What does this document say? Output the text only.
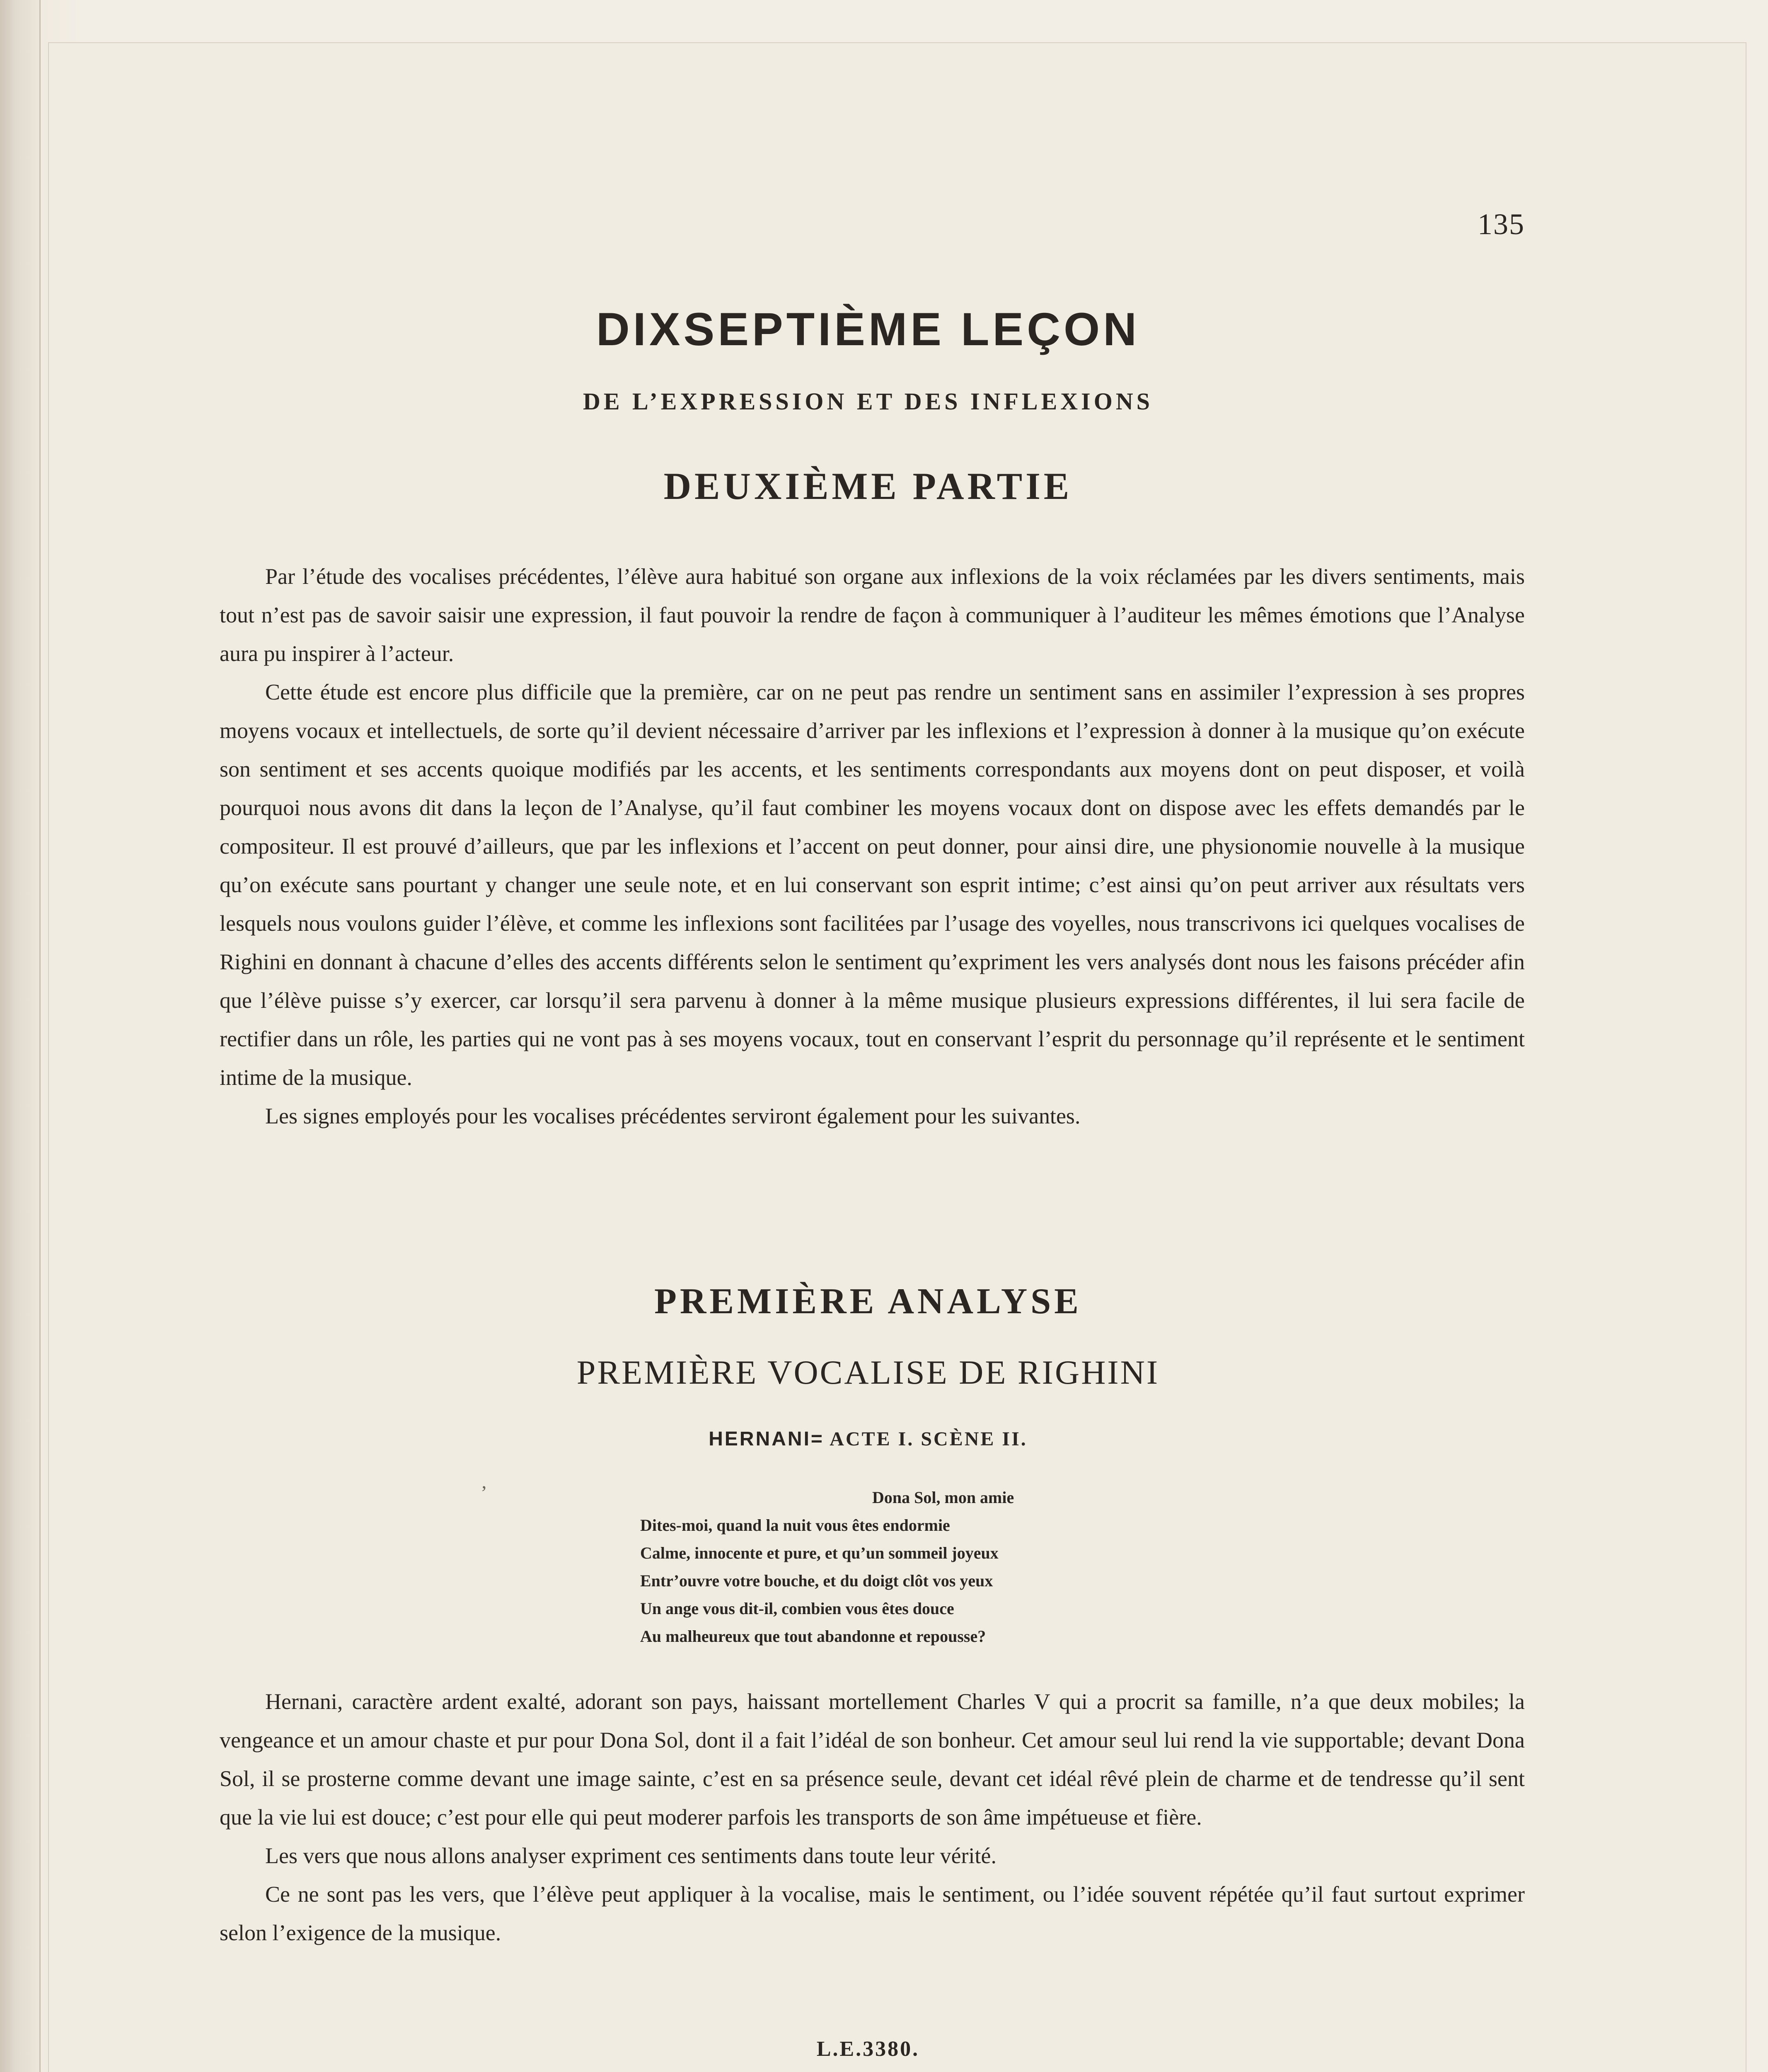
135
DIXSEPTIÈME LEÇON
DE L’EXPRESSION ET DES INFLEXIONS
DEUXIÈME PARTIE

Par l’étude des vocalises précédentes, l’élève aura habitué son organe aux inflexions de la voix réclamées par les divers sentiments, mais tout n’est pas de savoir saisir une expression, il faut pouvoir la rendre de façon à communiquer à l’auditeur les mêmes émotions que l’Analyse aura pu inspirer à l’acteur.

Cette étude est encore plus difficile que la première, car on ne peut pas rendre un sentiment sans en assimiler l’expression à ses propres moyens vocaux et intellectuels, de sorte qu’il devient nécessaire d’arriver par les inflexions et l’expression à donner à la musique qu’on exécute son sentiment et ses accents quoique modifiés par les accents, et les sentiments correspondants aux moyens dont on peut disposer, et voilà pourquoi nous avons dit dans la leçon de l’Analyse, qu’il faut combiner les moyens vocaux dont on dispose avec les effets demandés par le compositeur. Il est prouvé d’ailleurs, que par les inflexions et l’accent on peut donner, pour ainsi dire, une physionomie nouvelle à la musique qu’on exécute sans pourtant y changer une seule note, et en lui conservant son esprit intime; c’est ainsi qu’on peut arriver aux résultats vers lesquels nous voulons guider l’élève, et comme les inflexions sont facilitées par l’usage des voyelles, nous transcrivons ici quelques vocalises de Righini en donnant à chacune d’elles des accents différents selon le sentiment qu’expriment les vers analysés dont nous les faisons précéder afin que l’élève puisse s’y exercer, car lorsqu’il sera parvenu à donner à la même musique plusieurs expressions différentes, il lui sera facile de rectifier dans un rôle, les parties qui ne vont pas à ses moyens vocaux, tout en conservant l’esprit du personnage qu’il représente et le sentiment intime de la musique.

Les signes employés pour les vocalises précédentes serviront également pour les suivantes.

PREMIÈRE ANALYSE
PREMIÈRE VOCALISE DE RIGHINI
HERNANI= ACTE I. SCÈNE II.
Dona Sol, mon amie
Dites-moi, quand la nuit vous êtes endormie
Calme, innocente et pure, et qu’un sommeil joyeux
Entr’ouvre votre bouche, et du doigt clôt vos yeux
Un ange vous dit-il, combien vous êtes douce
Au malheureux que tout abandonne et repousse?

Hernani, caractère ardent exalté, adorant son pays, haissant mortellement Charles V qui a procrit sa famille, n’a que deux mobiles; la vengeance et un amour chaste et pur pour Dona Sol, dont il a fait l’idéal de son bonheur. Cet amour seul lui rend la vie supportable; devant Dona Sol, il se prosterne comme devant une image sainte, c’est en sa présence seule, devant cet idéal rêvé plein de charme et de tendresse qu’il sent que la vie lui est douce; c’est pour elle qui peut moderer parfois les transports de son âme impétueuse et fière.

Les vers que nous allons analyser expriment ces sentiments dans toute leur vérité.

Ce ne sont pas les vers, que l’élève peut appliquer à la vocalise, mais le sentiment, ou l’idée souvent répétée qu’il faut surtout exprimer selon l’exigence de la musique.

L.E.3380.
’
